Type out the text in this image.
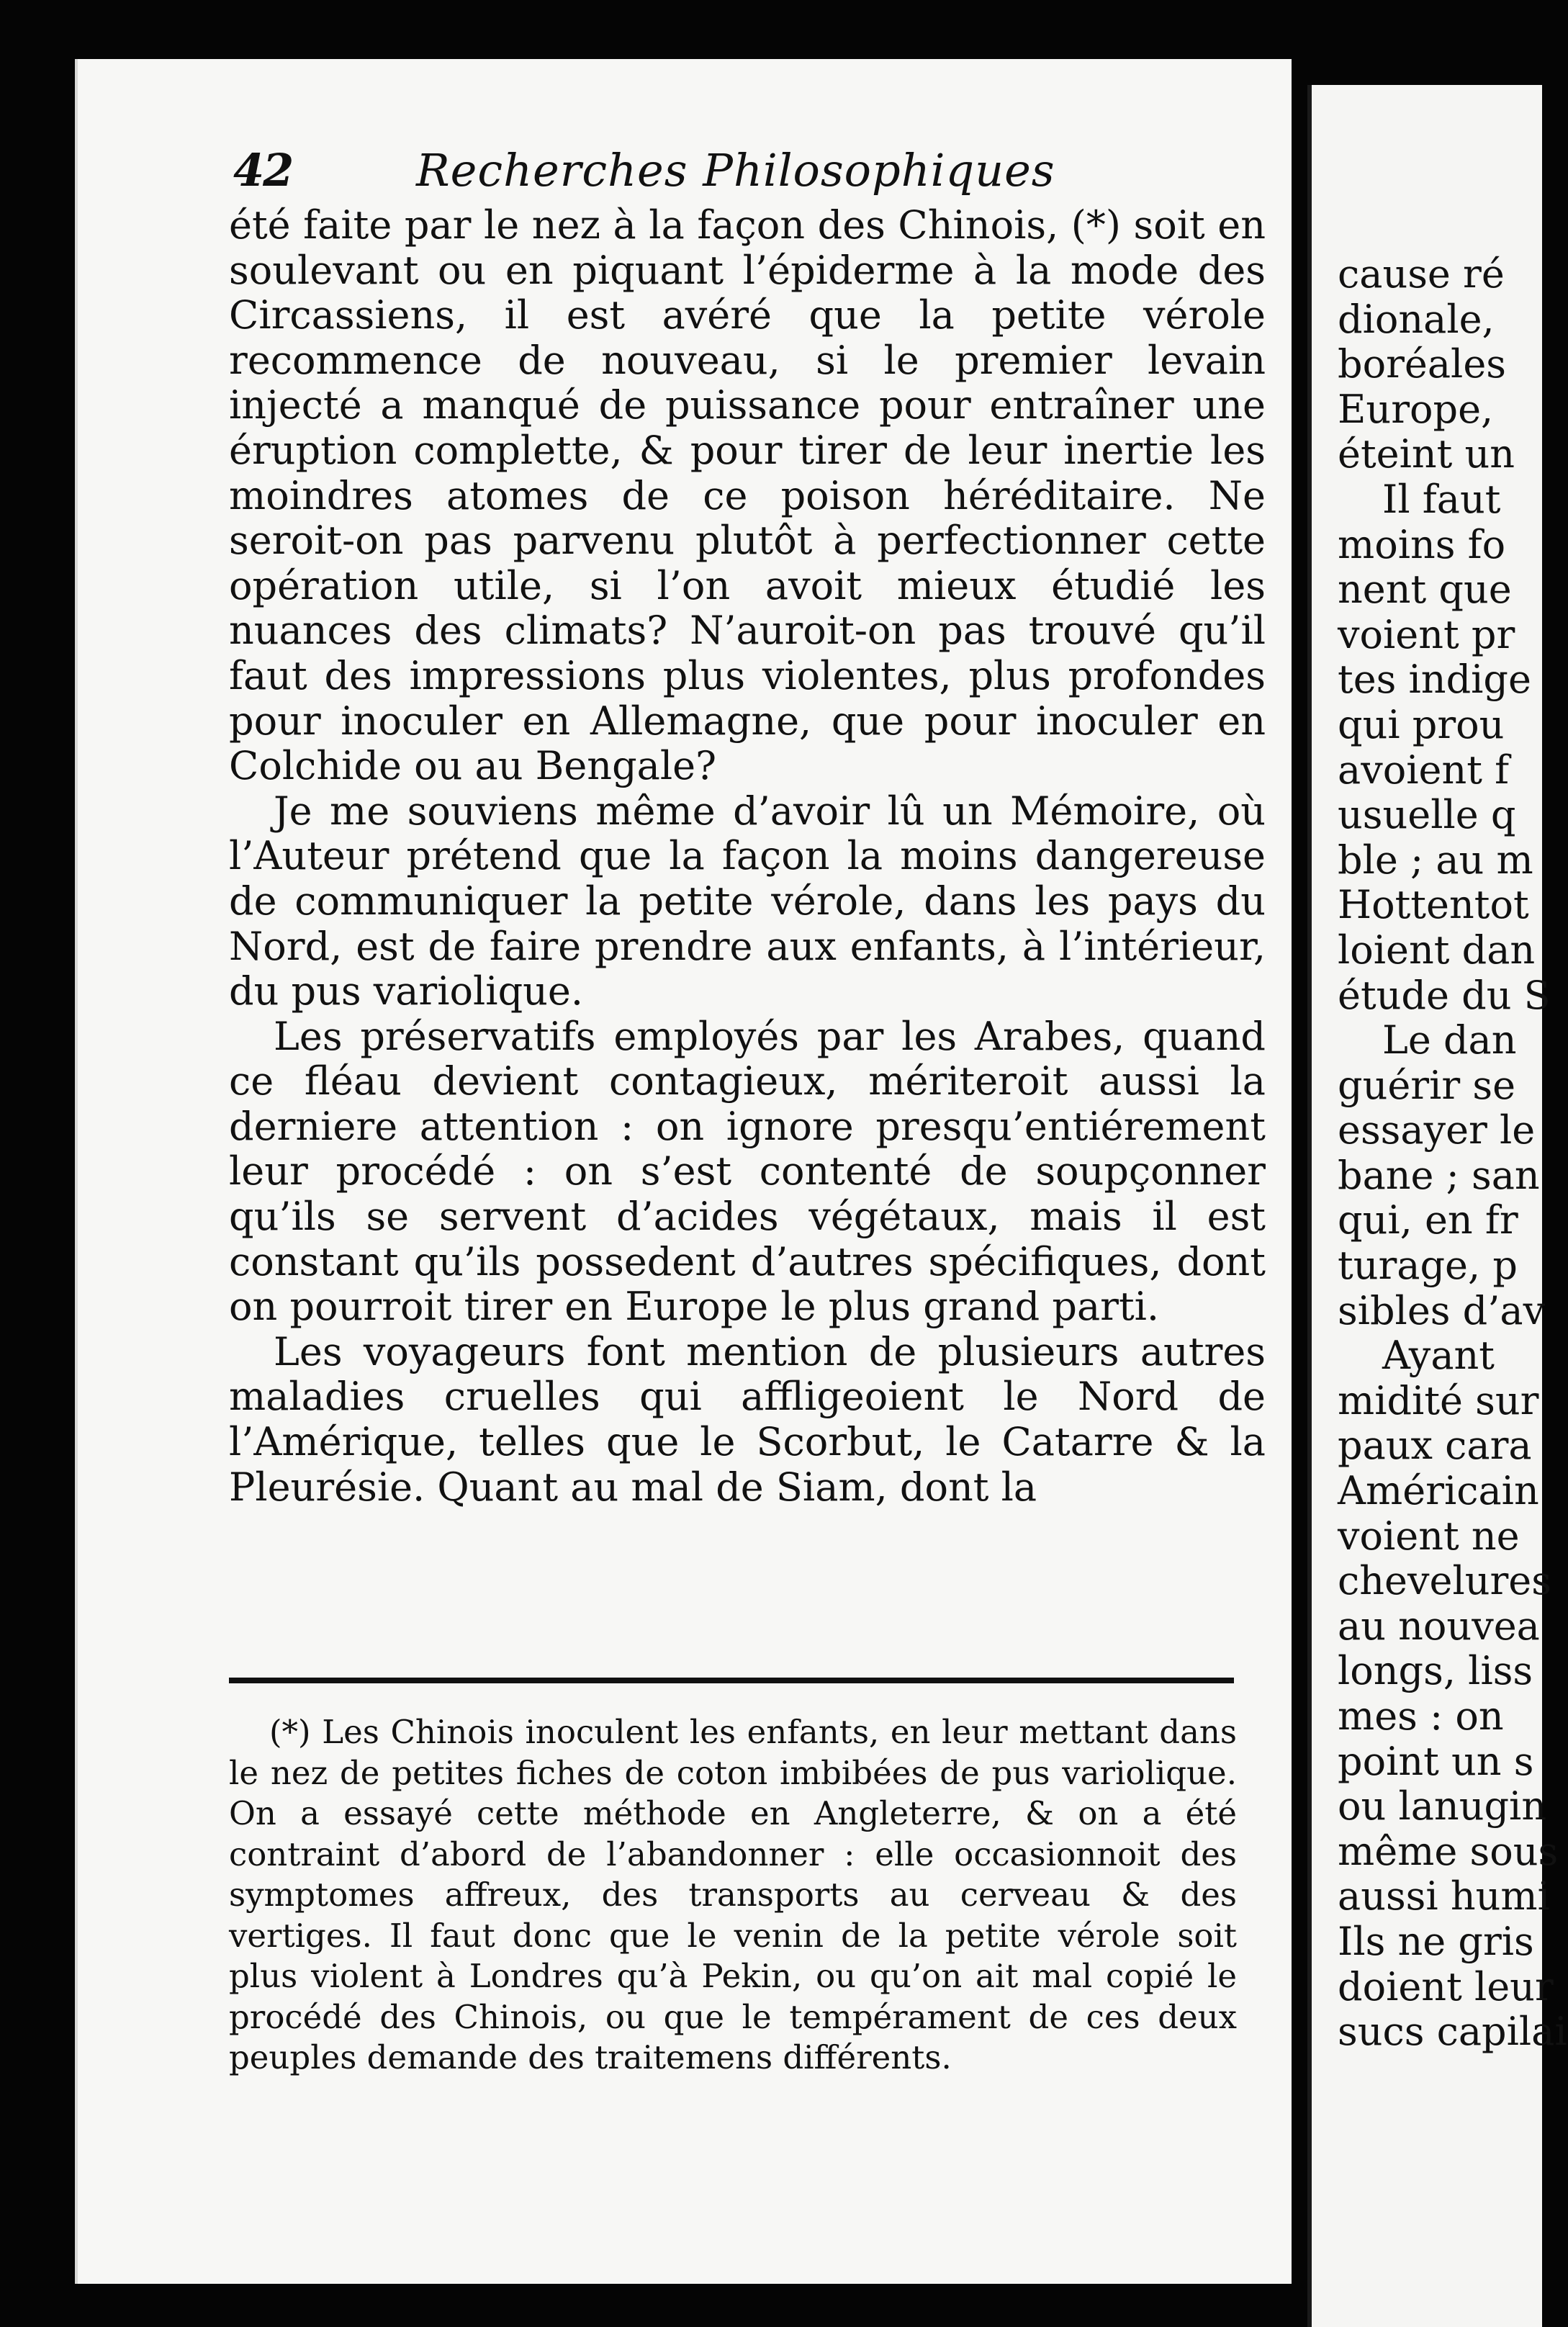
42	Recherches Philosophiques

été faite par le nez à la façon des Chinois, (*) soit en soulevant ou en piquant l’épiderme à la mode des Circassiens, il est avéré que la petite vérole recommence de nouveau, si le premier levain injecté a manqué de puissance pour entraîner une éruption complette, & pour tirer de leur inertie les moindres atomes de ce poison héréditaire. Ne seroit-on pas parvenu plutôt à perfectionner cette opération utile, si l’on avoit mieux étudié les nuances des climats? N’auroit-on pas trouvé qu’il faut des impressions plus violentes, plus profondes pour inoculer en Allemagne, que pour inoculer en Colchide ou au Bengale?

Je me souviens même d’avoir lû un Mémoire, où l’Auteur prétend que la façon la moins dangereuse de communiquer la petite vérole, dans les pays du Nord, est de faire prendre aux enfants, à l’intérieur, du pus variolique.

Les préservatifs employés par les Arabes, quand ce fléau devient contagieux, mériteroit aussi la derniere attention : on ignore presqu’entiérement leur procédé : on s’est contenté de soupçonner qu’ils se servent d’acides végétaux, mais il est constant qu’ils possedent d’autres spécifiques, dont on pourroit tirer en Europe le plus grand parti.

Les voyageurs font mention de plusieurs autres maladies cruelles qui affligeoient le Nord de l’Amérique, telles que le Scorbut, le Catarre & la Pleurésie. Quant au mal de Siam, dont la

(*) Les Chinois inoculent les enfants, en leur mettant dans le nez de petites fiches de coton imbibées de pus variolique. On a essayé cette méthode en Angleterre, & on a été contraint d’abord de l’abandonner : elle occasionnoit des symptomes affreux, des transports au cerveau & des vertiges. Il faut donc que le venin de la petite vérole soit plus violent à Londres qu’à Pekin, ou qu’on ait mal copié le procédé des Chinois, ou que le tempérament de ces deux peuples demande des traitemens différents.

cause ré
dionale,
boréales
Europe,
éteint un
Il faut
moins fo
nent que
voient pr
tes indige
qui prou
avoient f
usuelle q
ble ; au m
Hottentot
loient dan
étude du S
Le dan
guérir se
essayer le
bane ; san
qui, en fr
turage, p
sibles d’av
Ayant
midité sur
paux cara
Américain
voient ne
chevelures
au nouvea
longs, liss
mes : on
point un s
ou lanugin
même sous
aussi humi
Ils ne gris
doient leur
sucs capilai
